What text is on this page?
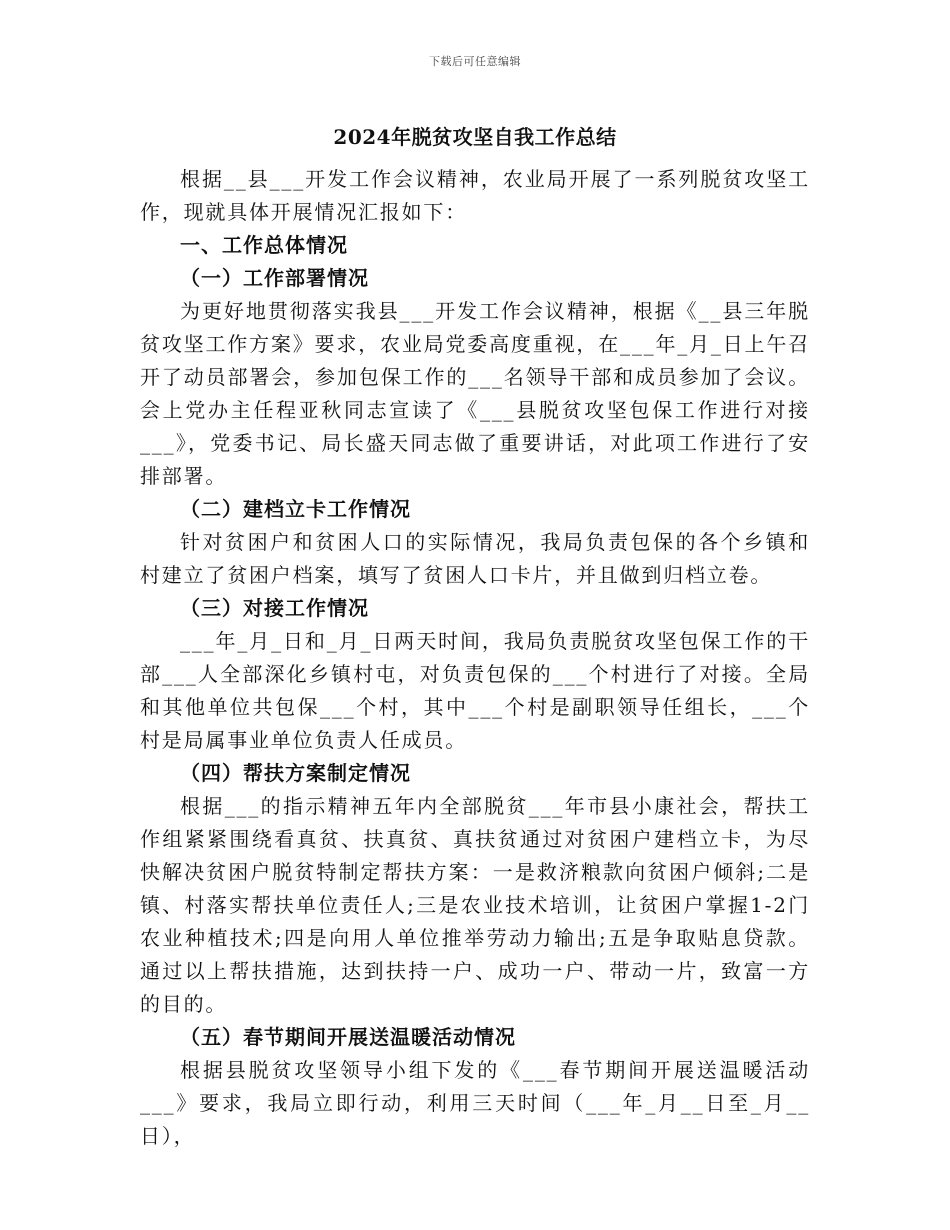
下载后可任意编辑
2024年脱贫攻坚自我工作总结

根据__县___开发工作会议精神，农业局开展了一系列脱贫攻坚工作，现就具体开展情况汇报如下：

一、工作总体情况

（一）工作部署情况

为更好地贯彻落实我县___开发工作会议精神，根据《__县三年脱贫攻坚工作方案》要求，农业局党委高度重视，在___年_月_日上午召开了动员部署会，参加包保工作的___名领导干部和成员参加了会议。会上党办主任程亚秋同志宣读了《___县脱贫攻坚包保工作进行对接___》，党委书记、局长盛天同志做了重要讲话，对此项工作进行了安排部署。

（二）建档立卡工作情况

针对贫困户和贫困人口的实际情况，我局负责包保的各个乡镇和村建立了贫困户档案，填写了贫困人口卡片，并且做到归档立卷。

（三）对接工作情况

___年_月_日和_月_日两天时间，我局负责脱贫攻坚包保工作的干部___人全部深化乡镇村屯，对负责包保的___个村进行了对接。全局和其他单位共包保___个村，其中___个村是副职领导任组长，___个村是局属事业单位负责人任成员。

（四）帮扶方案制定情况

根据___的指示精神五年内全部脱贫___年市县小康社会，帮扶工作组紧紧围绕看真贫、扶真贫、真扶贫通过对贫困户建档立卡，为尽快解决贫困户脱贫特制定帮扶方案：一是救济粮款向贫困户倾斜;二是镇、村落实帮扶单位责任人;三是农业技术培训，让贫困户掌握1-2门农业种植技术;四是向用人单位推举劳动力输出;五是争取贴息贷款。通过以上帮扶措施，达到扶持一户、成功一户、带动一片，致富一方的目的。

（五）春节期间开展送温暖活动情况

根据县脱贫攻坚领导小组下发的《___春节期间开展送温暖活动___》要求，我局立即行动，利用三天时间（___年_月__日至_月__日），
